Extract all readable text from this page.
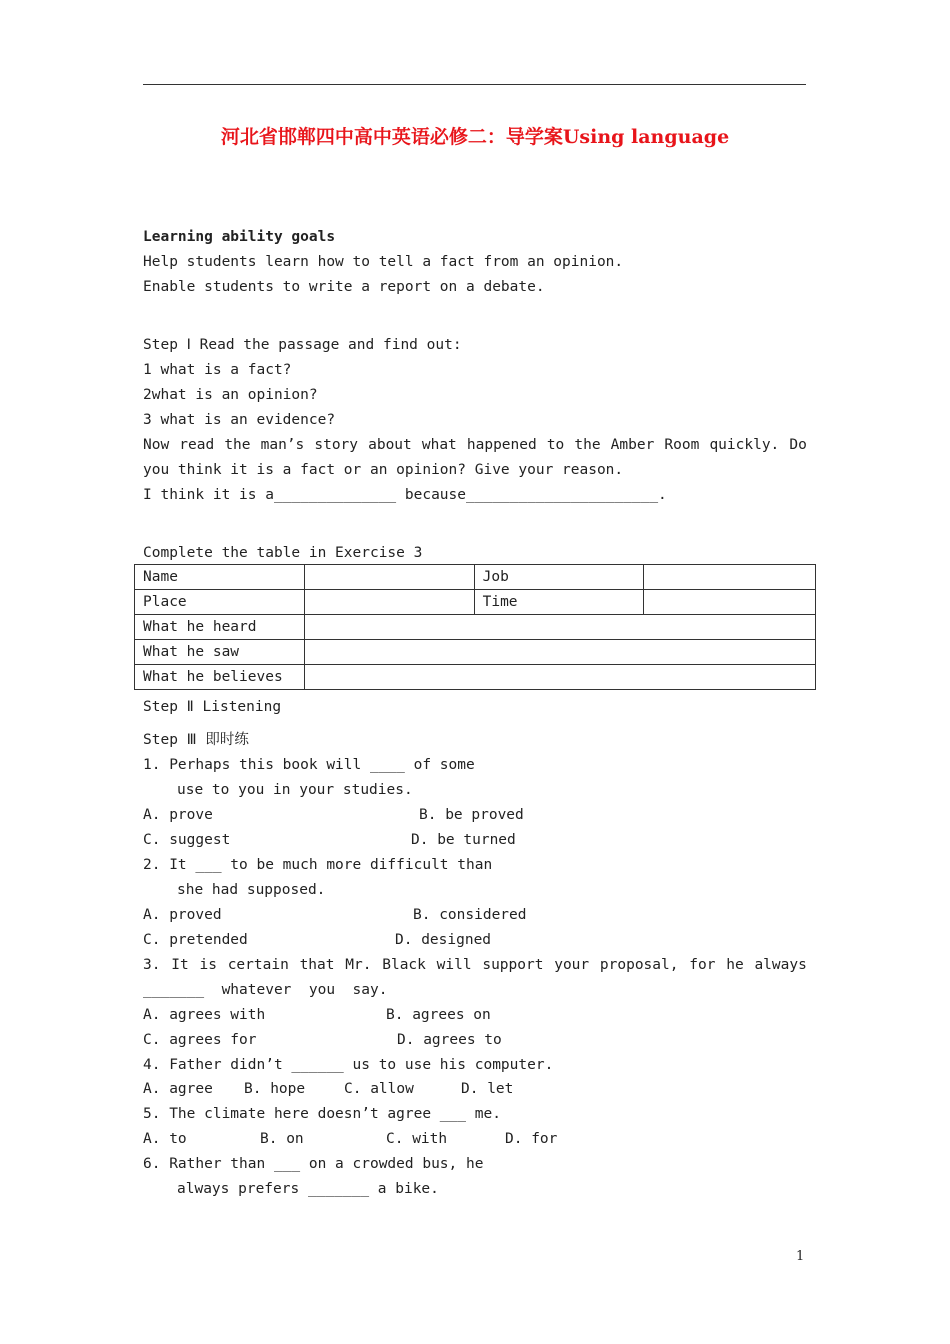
河北省邯郸四中高中英语必修二：导学案Using language
Learning ability goals
Help students learn how to tell a fact from an opinion.
Enable students to write a report on a debate.
Step Ⅰ Read the passage and find out:
1 what is a fact?
2what is an opinion?
3 what is an evidence?
Now read the man’s story about what happened to the Amber Room quickly. Do
you think it is a fact or an opinion? Give your reason.
I think it is a______________ because______________________.
Complete the table in Exercise 3
Name		Job	
Place		Time	
What he heard			
What he saw			
What he believes			
Step Ⅱ Listening
Step Ⅲ 即时练
1. Perhaps this book will ____ of some
use to you in your studies.
A. prove	B. be proved
C. suggest	D. be turned
2. It ___ to be much more difficult than
she had supposed.
A. proved	B. considered
C. pretended	D. designed
3. It is certain that Mr. Black will support your proposal, for he always
_______  whatever  you  say.
A. agrees with	B. agrees on
C. agrees for	D. agrees to
4. Father didn’t ______ us to use his computer.
A. agree B. hope	C. allow	D. let
5. The climate here doesn’t agree ___ me.
A. to	B. on	C. with	D. for
6. Rather than ___ on a crowded bus, he
always prefers _______ a bike.
1
